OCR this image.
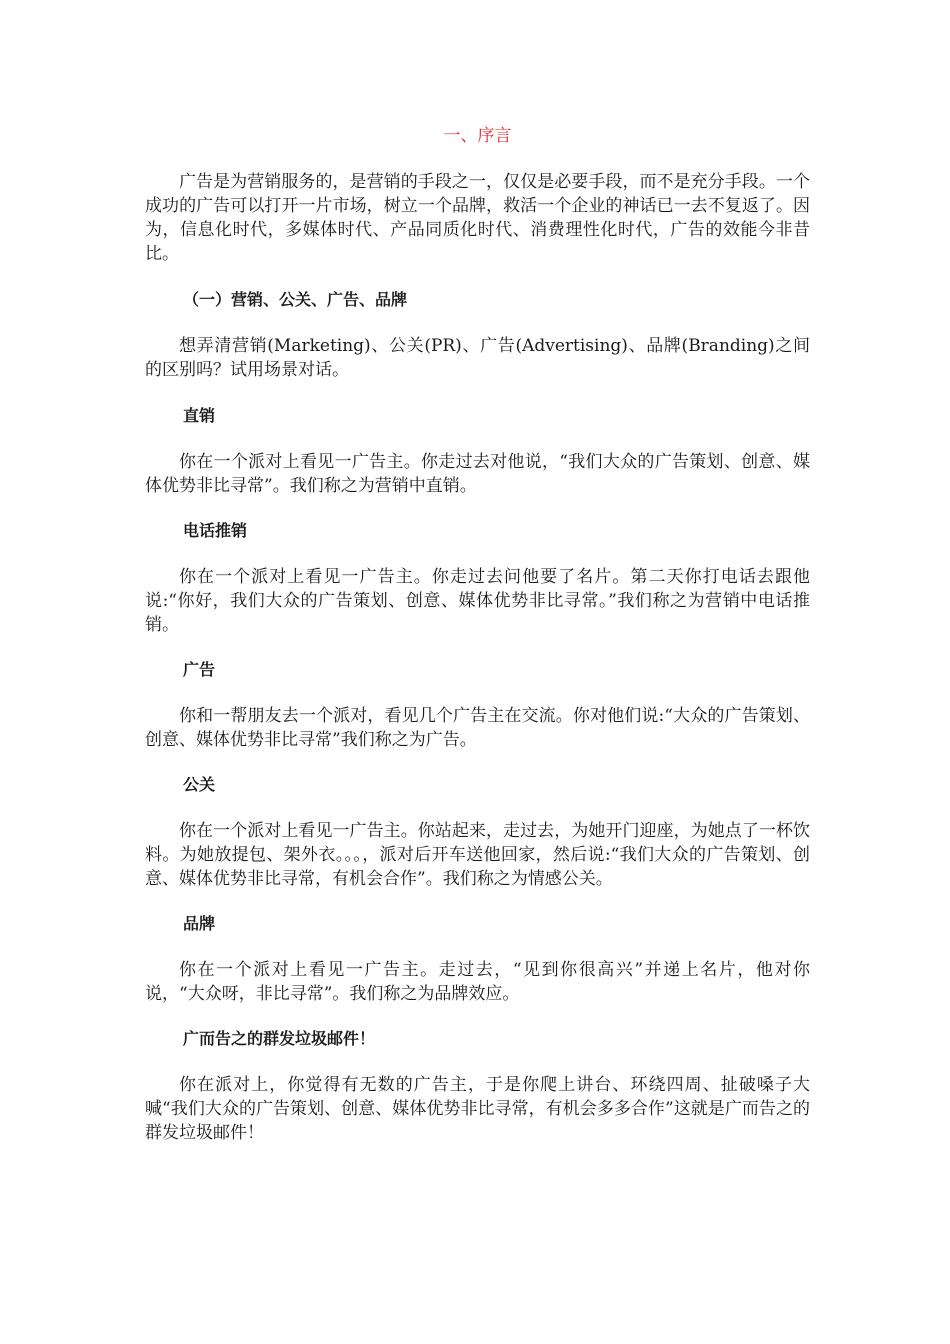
一、序言

广告是为营销服务的，是营销的手段之一，仅仅是必要手段，而不是充分手段。一个成功的广告可以打开一片市场，树立一个品牌，救活一个企业的神话已一去不复返了。因为，信息化时代，多媒体时代、产品同质化时代、消费理性化时代，广告的效能今非昔比。

（一）营销、公关、广告、品牌

想弄清营销(Marketing)、公关(PR)、广告(Advertising)、品牌(Branding)之间的区别吗？试用场景对话。

直销

你在一个派对上看见一广告主。你走过去对他说，“我们大众的广告策划、创意、媒体优势非比寻常”。我们称之为营销中直销。

电话推销

你在一个派对上看见一广告主。你走过去问他要了名片。第二天你打电话去跟他说:“你好，我们大众的广告策划、创意、媒体优势非比寻常。”我们称之为营销中电话推销。

广告

你和一帮朋友去一个派对，看见几个广告主在交流。你对他们说:“大众的广告策划、创意、媒体优势非比寻常”我们称之为广告。

公关

你在一个派对上看见一广告主。你站起来，走过去，为她开门迎座，为她点了一杯饮料。为她放提包、架外衣。。。，派对后开车送他回家，然后说:“我们大众的广告策划、创意、媒体优势非比寻常，有机会合作”。我们称之为情感公关。

品牌

你在一个派对上看见一广告主。走过去，“见到你很高兴”并递上名片，他对你说，“大众呀，非比寻常”。我们称之为品牌效应。

广而告之的群发垃圾邮件！

你在派对上，你觉得有无数的广告主，于是你爬上讲台、环绕四周、扯破嗓子大喊“我们大众的广告策划、创意、媒体优势非比寻常，有机会多多合作”这就是广而告之的群发垃圾邮件！
